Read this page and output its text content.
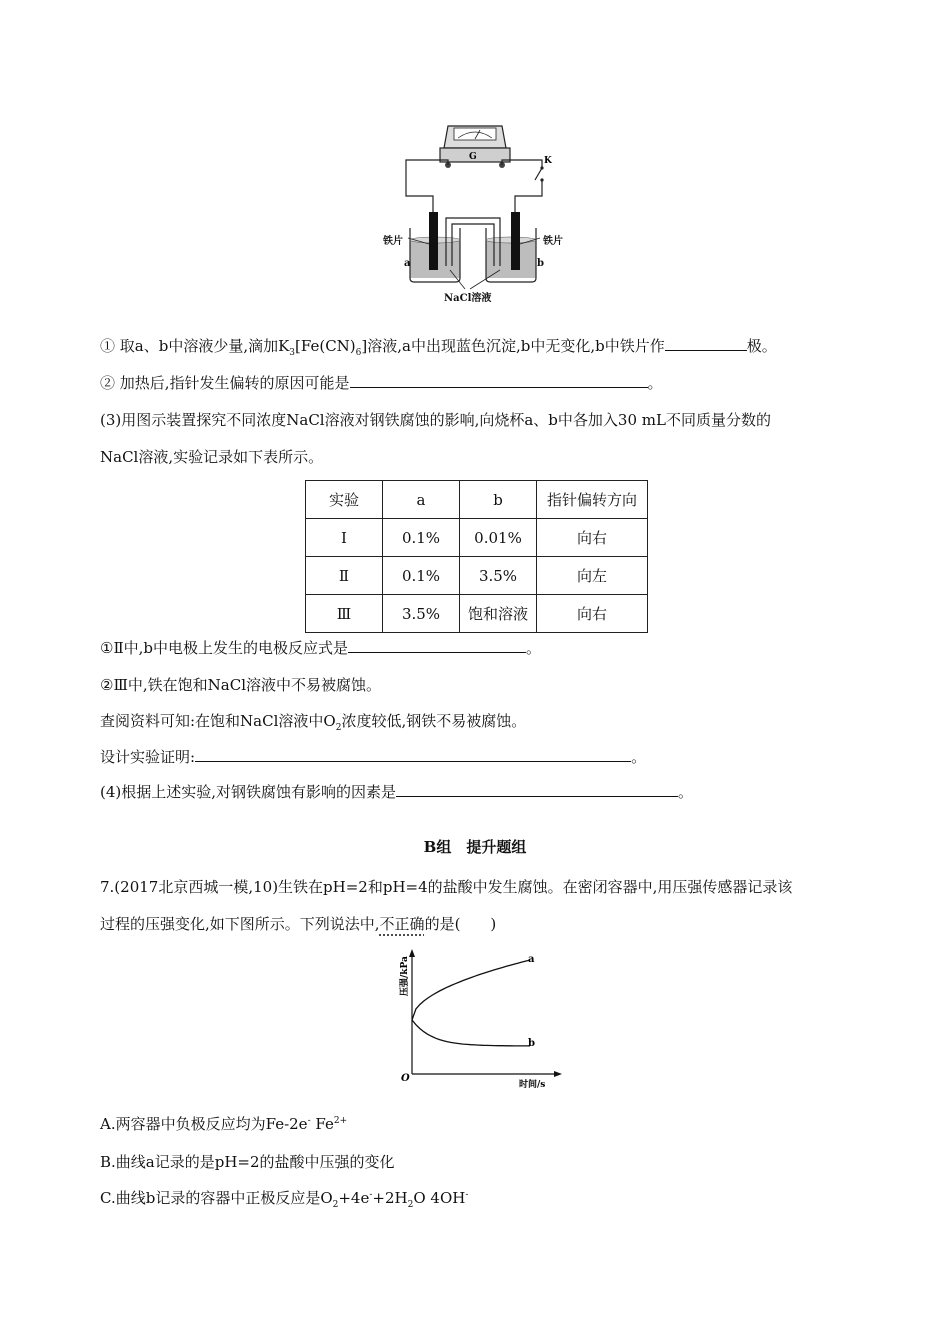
G	K
铁片	铁片
a	b
NaCl溶液
① 取a、b中溶液少量,滴加$K_3[Fe(CN)_6]$溶液,a中出现蓝色沉淀,b中无变化,b中铁片作	极。
② 加热后,指针发生偏转的原因可能是	。
(3)用图示装置探究不同浓度NaCl溶液对钢铁腐蚀的影响,向烧杯a、b中各加入30 mL不同质量分数的
NaCl溶液,实验记录如下表所示。
实验	a	b	指针偏转方向
Ⅰ	0.1%	0.01%	向右
Ⅱ	0.1%	3.5%	向左
Ⅲ	3.5%	饱和溶液	向右
①Ⅱ中,b中电极上发生的电极反应式是	。
②Ⅲ中,铁在饱和NaCl溶液中不易被腐蚀。
查阅资料可知:在饱和NaCl溶液中$O_2$浓度较低,钢铁不易被腐蚀。
设计实验证明:	。
(4)根据上述实验,对钢铁腐蚀有影响的因素是	。
B组　提升题组
7.(2017北京西城一模,10)生铁在pH=2和pH=4的盐酸中发生腐蚀。在密闭容器中,用压强传感器记录该
过程的压强变化,如下图所示。下列说法中,不正确的是(　　)
a
b
O
时间/s
压强/kPa
A.两容器中负极反应均为Fe-2e- $Fe^{2+}$
B.曲线a记录的是pH=2的盐酸中压强的变化
C.曲线b记录的容器中正极反应是$O_2+4e^-+2H_2O$ 4OH-
